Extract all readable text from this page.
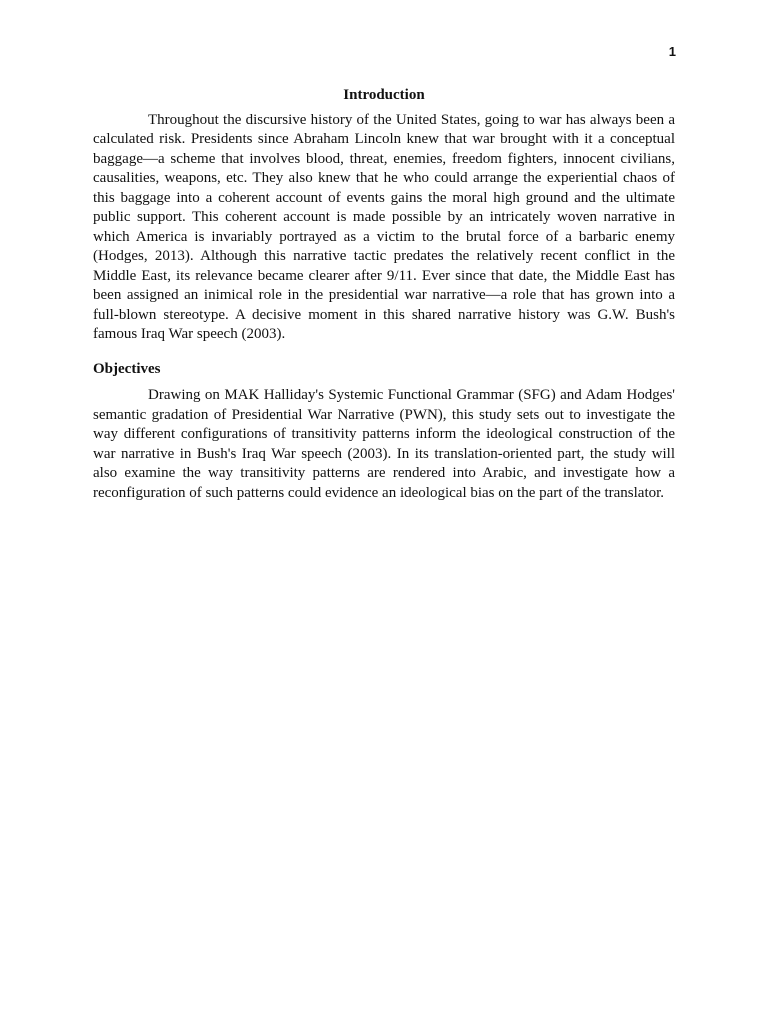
1
Introduction

Throughout the discursive history of the United States, going to war has always been a calculated risk. Presidents since Abraham Lincoln knew that war brought with it a conceptual baggage—a scheme that involves blood, threat, enemies, freedom fighters, innocent civilians, causalities, weapons, etc. They also knew that he who could arrange the experiential chaos of this baggage into a coherent account of events gains the moral high ground and the ultimate public support. This coherent account is made possible by an intricately woven narrative in which America is invariably portrayed as a victim to the brutal force of a barbaric enemy (Hodges, 2013). Although this narrative tactic predates the relatively recent conflict in the Middle East, its relevance became clearer after 9/11. Ever since that date, the Middle East has been assigned an inimical role in the presidential war narrative—a role that has grown into a full-blown stereotype. A decisive moment in this shared narrative history was G.W. Bush's famous Iraq War speech (2003).

Objectives

Drawing on MAK Halliday's Systemic Functional Grammar (SFG) and Adam Hodges' semantic gradation of Presidential War Narrative (PWN), this study sets out to investigate the way different configurations of transitivity patterns inform the ideological construction of the war narrative in Bush's Iraq War speech (2003). In its translation-oriented part, the study will also examine the way transitivity patterns are rendered into Arabic, and investigate how a reconfiguration of such patterns could evidence an ideological bias on the part of the translator.
